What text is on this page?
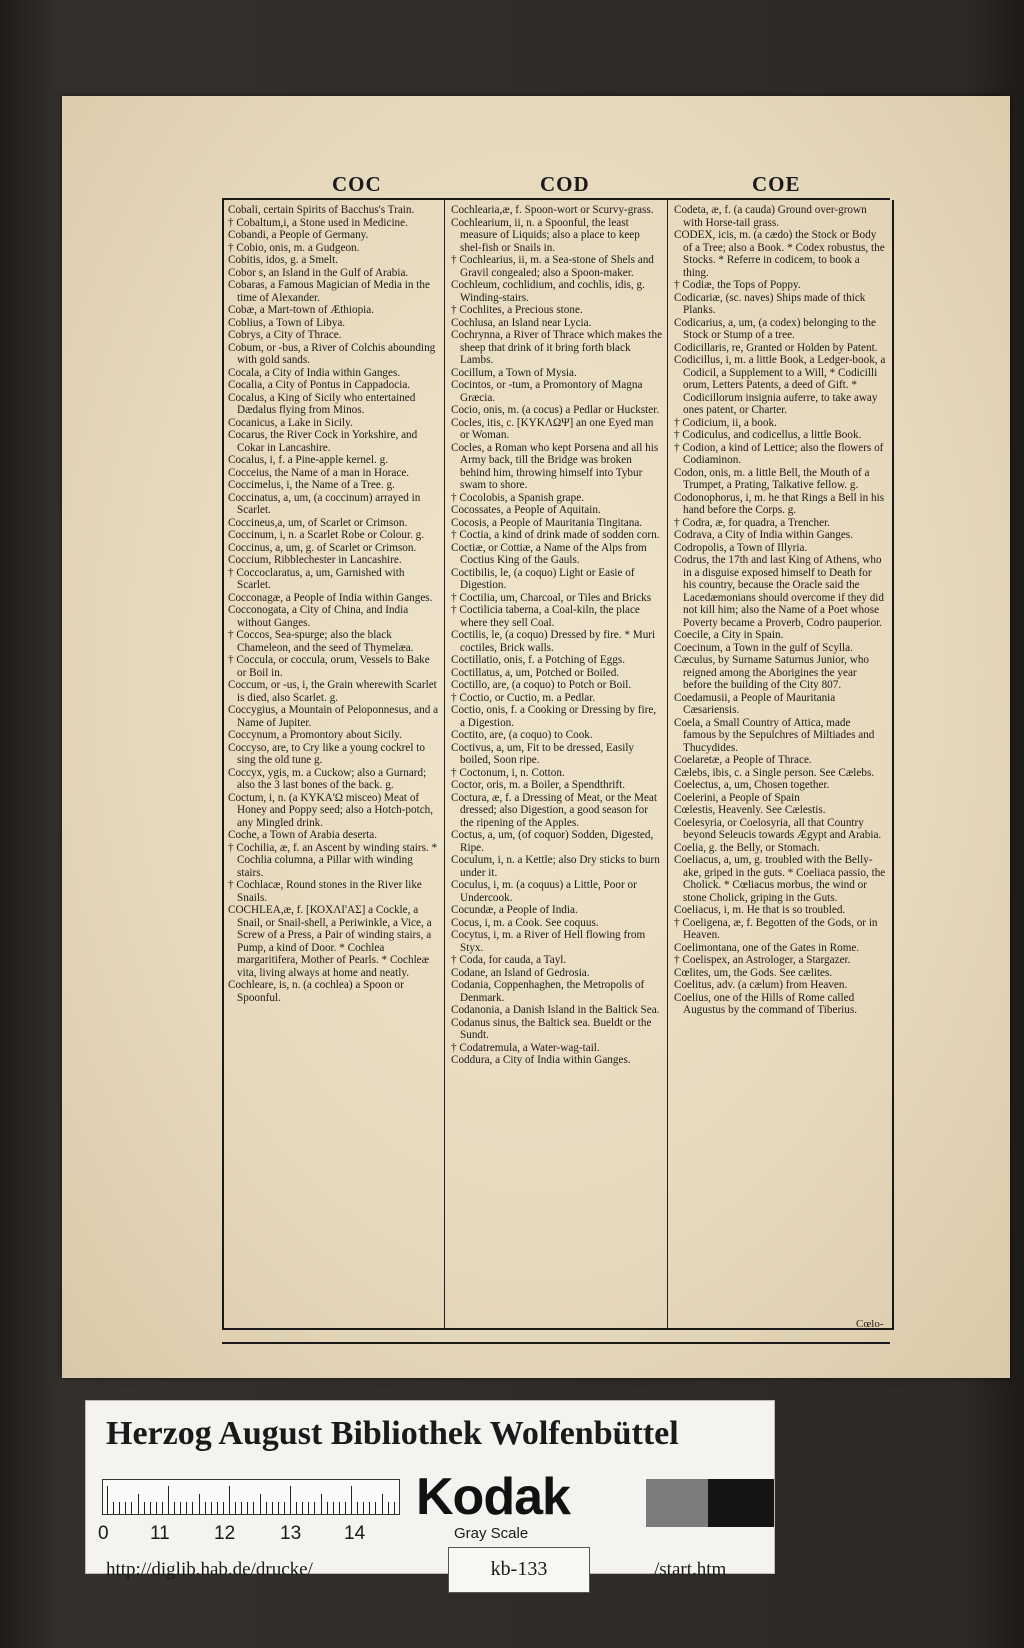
COC	COD	COE

Cobali, certain Spirits of Bacchus's Train.

† Cobaltum,i, a Stone used in Medicine.

Cobandi, a People of Germany.

† Cobio, onis, m. a Gudgeon.

Cobitis, idos, g. a Smelt.

Cobor s, an Island in the Gulf of Arabia.

Cobaras, a Famous Magician of Media in the time of Alexander.

Cobæ, a Mart-town of Æthiopia.

Coblius, a Town of Libya.

Cobrys, a City of Thrace.

Cobum, or -bus, a River of Colchis abounding with gold sands.

Cocala, a City of India within Ganges.

Cocalia, a City of Pontus in Cappadocia.

Cocalus, a King of Sicily who entertained Dædalus flying from Minos.

Cocanicus, a Lake in Sicily.

Cocarus, the River Cock in Yorkshire, and Cokar in Lancashire.

Cocalus, i, f. a Pine-apple kernel. g.

Cocceius, the Name of a man in Horace.

Coccimelus, i, the Name of a Tree. g.

Coccinatus, a, um, (a coccinum) arrayed in Scarlet.

Coccineus,a, um, of Scarlet or Crimson.

Coccinum, i, n. a Scarlet Robe or Colour. g.

Coccinus, a, um, g. of Scarlet or Crimson.

Coccium, Ribblechester in Lancashire.

† Coccoclaratus, a, um, Garnished with Scarlet.

Cocconagæ, a People of India within Ganges.

Cocconogata, a City of China, and India without Ganges.

† Coccos, Sea-spurge; also the black Chameleon, and the seed of Thymelæa.

† Coccula, or coccula, orum, Vessels to Bake or Boil in.

Coccum, or -us, i, the Grain wherewith Scarlet is died, also Scarlet. g.

Coccygius, a Mountain of Peloponnesus, and a Name of Jupiter.

Coccynum, a Promontory about Sicily.

Coccyso, are, to Cry like a young cockrel to sing the old tune g.

Coccyx, ygis, m. a Cuckow; also a Gurnard; also the 3 last bones of the back. g.

Coctum, i, n. (a ΚΥΚΑ'Ω misceo) Meat of Honey and Poppy seed; also a Hotch-potch, any Mingled drink.

Coche, a Town of Arabia deserta.

† Cochilia, æ, f. an Ascent by winding stairs. * Cochlia columna, a Pillar with winding stairs.

† Cochlacæ, Round stones in the River like Snails.

COCHLEA,æ, f. [ΚΟΧΛΙ'ΑΣ] a Cockle, a Snail, or Snail-shell, a Periwinkle, a Vice, a Screw of a Press, a Pair of winding stairs, a Pump, a kind of Door. * Cochlea margaritifera, Mother of Pearls. * Cochleæ vita, living always at home and neatly.

Cochleare, is, n. (a cochlea) a Spoon or Spoonful.

Cochlearia,æ, f. Spoon-wort or Scurvy-grass.

Cochlearium, ii, n. a Spoonful, the least measure of Liquids; also a place to keep shel-fish or Snails in.

† Cochlearius, ii, m. a Sea-stone of Shels and Gravil congealed; also a Spoon-maker.

Cochleum, cochlidium, and cochlis, idis, g. Winding-stairs.

† Cochlites, a Precious stone.

Cochlusa, an Island near Lycia.

Cochrynna, a River of Thrace which makes the sheep that drink of it bring forth black Lambs.

Cocillum, a Town of Mysia.

Cocintos, or -tum, a Promontory of Magna Græcia.

Cocio, onis, m. (a cocus) a Pedlar or Huckster.

Cocles, itis, c. [ΚΥΚΛΩΨ] an one Eyed man or Woman.

Cocles, a Roman who kept Porsena and all his Army back, till the Bridge was broken behind him, throwing himself into Tybur swam to shore.

† Cocolobis, a Spanish grape.

Cocossates, a People of Aquitain.

Cocosis, a People of Mauritania Tingitana.

† Coctia, a kind of drink made of sodden corn.

Coctiæ, or Cottiæ, a Name of the Alps from Coctius King of the Gauls.

Coctibilis, le, (a coquo) Light or Easie of Digestion.

† Coctilia, um, Charcoal, or Tiles and Bricks

† Coctilicia taberna, a Coal-kiln, the place where they sell Coal.

Coctilis, le, (a coquo) Dressed by fire. * Muri coctiles, Brick walls.

Coctillatio, onis, f. a Potching of Eggs.

Coctillatus, a, um, Potched or Boiled.

Coctillo, are, (a coquo) to Potch or Boil.

† Coctio, or Cuctio, m. a Pedlar.

Coctio, onis, f. a Cooking or Dressing by fire, a Digestion.

Coctito, are, (a coquo) to Cook.

Coctivus, a, um, Fit to be dressed, Easily boiled, Soon ripe.

† Coctonum, i, n. Cotton.

Coctor, oris, m. a Boiler, a Spendthrift.

Coctura, æ, f. a Dressing of Meat, or the Meat dressed; also Digestion, a good season for the ripening of the Apples.

Coctus, a, um, (of coquor) Sodden, Digested, Ripe.

Coculum, i, n. a Kettle; also Dry sticks to burn under it.

Coculus, i, m. (a coquus) a Little, Poor or Undercook.

Cocundæ, a People of India.

Cocus, i, m. a Cook. See coquus.

Cocytus, i, m. a River of Hell flowing from Styx.

† Coda, for cauda, a Tayl.

Codane, an Island of Gedrosia.

Codania, Coppenhaghen, the Metropolis of Denmark.

Codanonia, a Danish Island in the Baltick Sea.

Codanus sinus, the Baltick sea. Bueldt or the Sundt.

† Codatremula, a Water-wag-tail.

Coddura, a City of India within Ganges.

Codeta, æ, f. (a cauda) Ground over-grown with Horse-tail grass.

CODEX, icis, m. (a cædo) the Stock or Body of a Tree; also a Book. * Codex robustus, the Stocks. * Referre in codicem, to book a thing.

† Codiæ, the Tops of Poppy.

Codicariæ, (sc. naves) Ships made of thick Planks.

Codicarius, a, um, (a codex) belonging to the Stock or Stump of a tree.

Codicillaris, re, Granted or Holden by Patent.

Codicillus, i, m. a little Book, a Ledger-book, a Codicil, a Supplement to a Will, * Codicilli orum, Letters Patents, a deed of Gift. * Codicillorum insignia auferre, to take away ones patent, or Charter.

† Codicium, ii, a book.

† Codiculus, and codicellus, a little Book.

† Codion, a kind of Lettice; also the flowers of Codiaminon.

Codon, onis, m. a little Bell, the Mouth of a Trumpet, a Prating, Talkative fellow. g.

Codonophorus, i, m. he that Rings a Bell in his hand before the Corps. g.

† Codra, æ, for quadra, a Trencher.

Codrava, a City of India within Ganges.

Codropolis, a Town of Illyria.

Codrus, the 17th and last King of Athens, who in a disguise exposed himself to Death for his country, because the Oracle said the Lacedæmonians should overcome if they did not kill him; also the Name of a Poet whose Poverty became a Proverb, Codro pauperior.

Coecile, a City in Spain.

Coecinum, a Town in the gulf of Scylla.

Cæculus, by Surname Saturnus Junior, who reigned among the Aborigines the year before the building of the City 807.

Coedamusii, a People of Mauritania Cæsariensis.

Coela, a Small Country of Attica, made famous by the Sepulchres of Miltiades and Thucydides.

Coelaretæ, a People of Thrace.

Cælebs, ibis, c. a Single person. See Cælebs.

Coelectus, a, um, Chosen together.

Coelerini, a People of Spain

Cœlestis, Heavenly. See Cælestis.

Coelesyria, or Coelosyria, all that Country beyond Seleucis towards Ægypt and Arabia.

Coelia, g. the Belly, or Stomach.

Coeliacus, a, um, g. troubled with the Belly-ake, griped in the guts. * Coeliaca passio, the Cholick. * Cœliacus morbus, the wind or stone Cholick, griping in the Guts.

Coeliacus, i, m. He that is so troubled.

† Coeligena, æ, f. Begotten of the Gods, or in Heaven.

Coelimontana, one of the Gates in Rome.

† Coelispex, an Astrologer, a Stargazer.

Cœlites, um, the Gods. See cælites.

Coelitus, adv. (a cælum) from Heaven.

Coelius, one of the Hills of Rome called Augustus by the command of Tiberius.

Cœlo-
Herzog August Bibliothek Wolfenbüttel
0 11 12 13 14
Kodak
Gray Scale
http://diglib.hab.de/drucke/	kb-133	/start.htm
